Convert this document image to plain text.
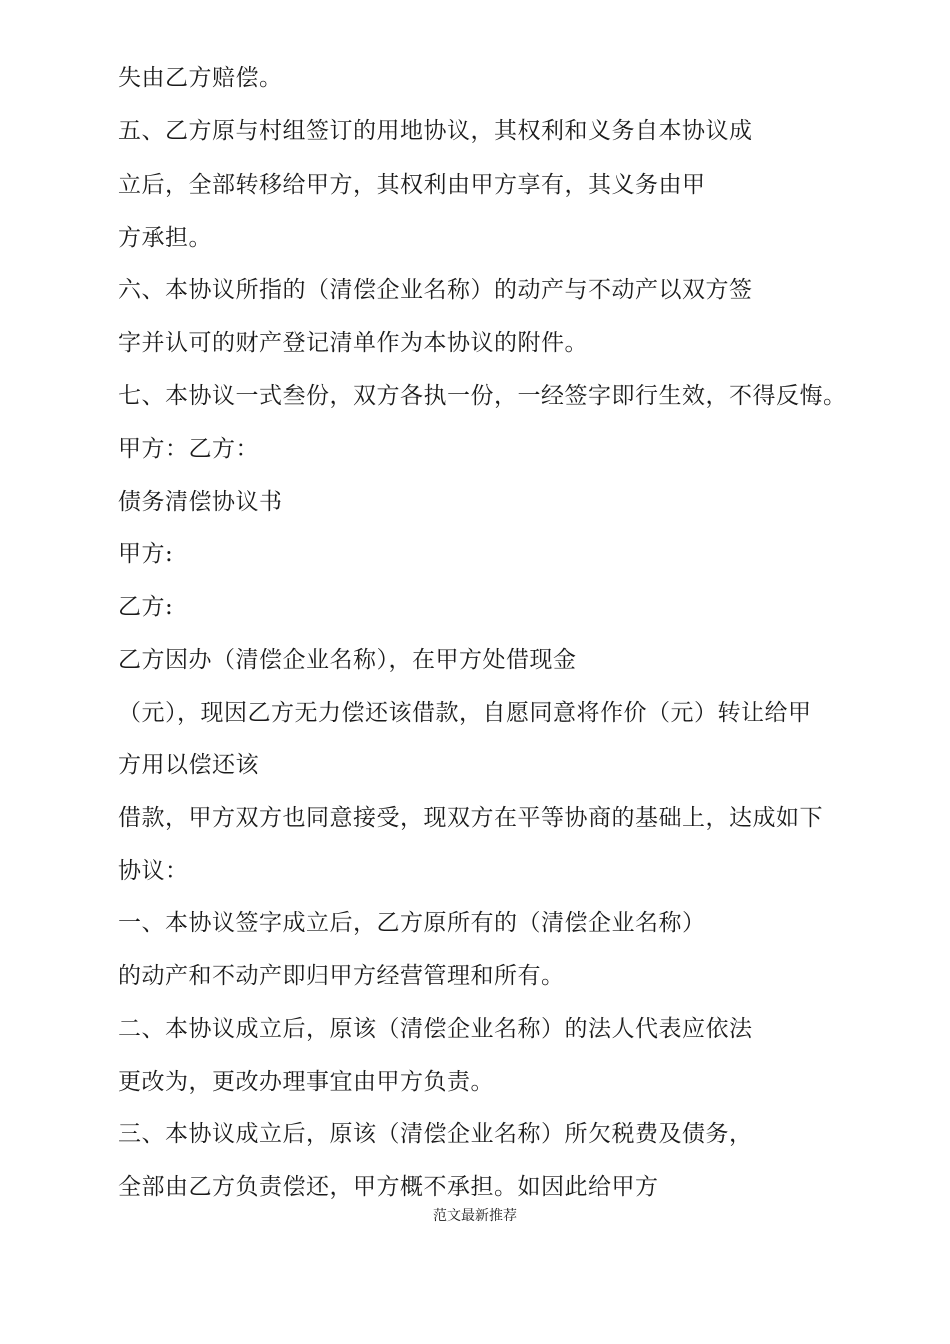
失由乙方赔偿。
五、乙方原与村组签订的用地协议，其权利和义务自本协议成
立后，全部转移给甲方，其权利由甲方享有，其义务由甲
方承担。
六、本协议所指的（清偿企业名称）的动产与不动产以双方签
字并认可的财产登记清单作为本协议的附件。
七、本协议一式叁份，双方各执一份，一经签字即行生效，不得反悔。
甲方：乙方：
债务清偿协议书
甲方:
乙方:
乙方因办（清偿企业名称），在甲方处借现金
（元），现因乙方无力偿还该借款，自愿同意将作价（元）转让给甲
方用以偿还该
借款，甲方双方也同意接受，现双方在平等协商的基础上，达成如下
协议：
一、本协议签字成立后，乙方原所有的（清偿企业名称）
的动产和不动产即归甲方经营管理和所有。
二、本协议成立后，原该（清偿企业名称）的法人代表应依法
更改为，更改办理事宜由甲方负责。
三、本协议成立后，原该（清偿企业名称）所欠税费及债务，
全部由乙方负责偿还，甲方概不承担。如因此给甲方
范文最新推荐
